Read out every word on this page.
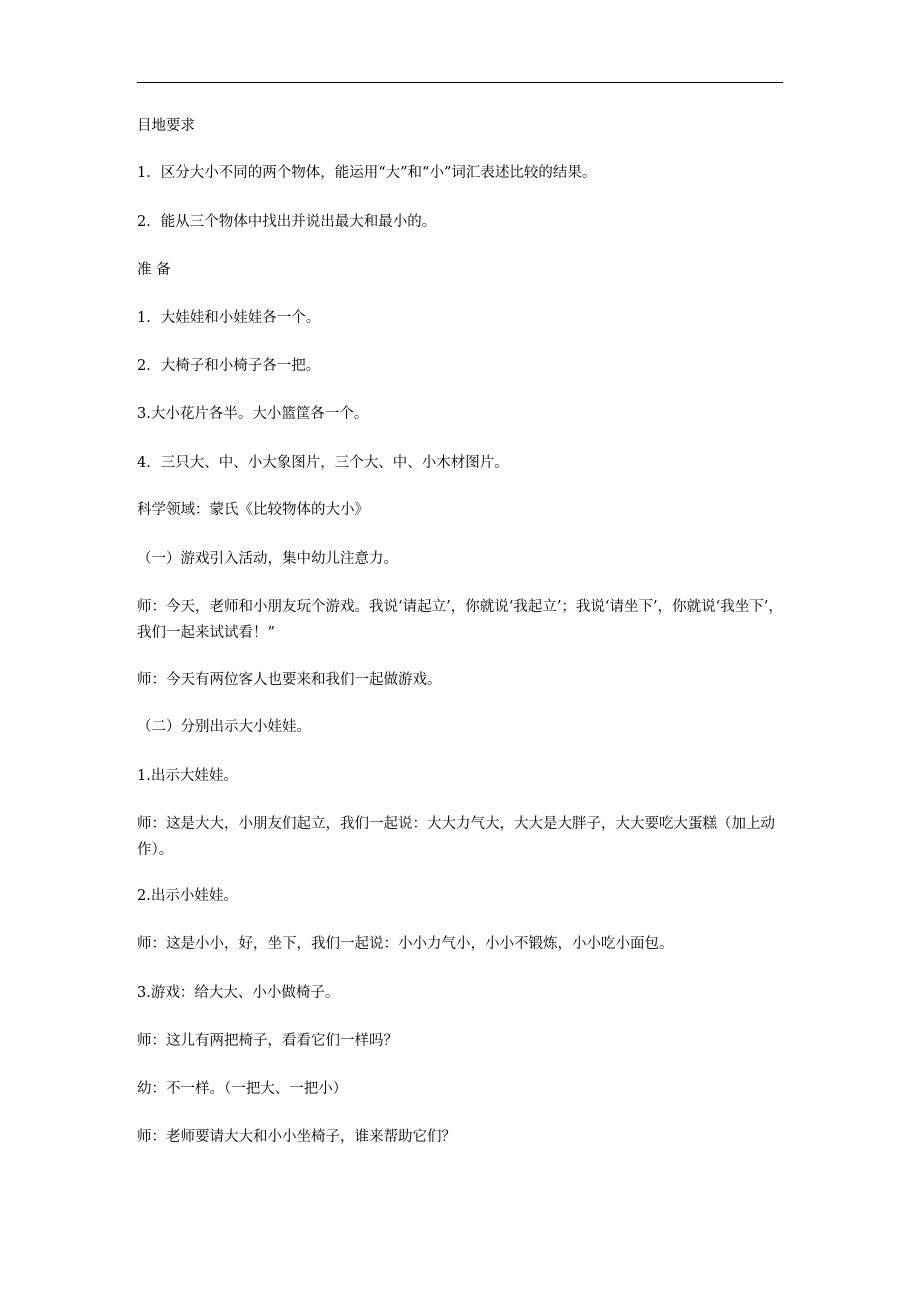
目地要求

1．区分大小不同的两个物体，能运用“大”和“小”词汇表述比较的结果。

2．能从三个物体中找出并说出最大和最小的。

准 备

1．大娃娃和小娃娃各一个。

2．大椅子和小椅子各一把。

3.大小花片各半。大小篮筐各一个。

4．三只大、中、小大象图片，三个大、中、小木材图片。

科学领域：蒙氏《比较物体的大小》

（一）游戏引入活动，集中幼儿注意力。

师：今天，老师和小朋友玩个游戏。我说‘请起立’，你就说‘我起立’；我说‘请坐下’，你就说‘我坐下’，我们一起来试试看！”

师：今天有两位客人也要来和我们一起做游戏。

（二）分别出示大小娃娃。

1.出示大娃娃。

师：这是大大，小朋友们起立，我们一起说：大大力气大，大大是大胖子，大大要吃大蛋糕（加上动作）。

2.出示小娃娃。

师：这是小小，好，坐下，我们一起说：小小力气小，小小不锻炼，小小吃小面包。

3.游戏：给大大、小小做椅子。

师：这儿有两把椅子，看看它们一样吗？

幼：不一样。（一把大、一把小）

师：老师要请大大和小小坐椅子，谁来帮助它们？
